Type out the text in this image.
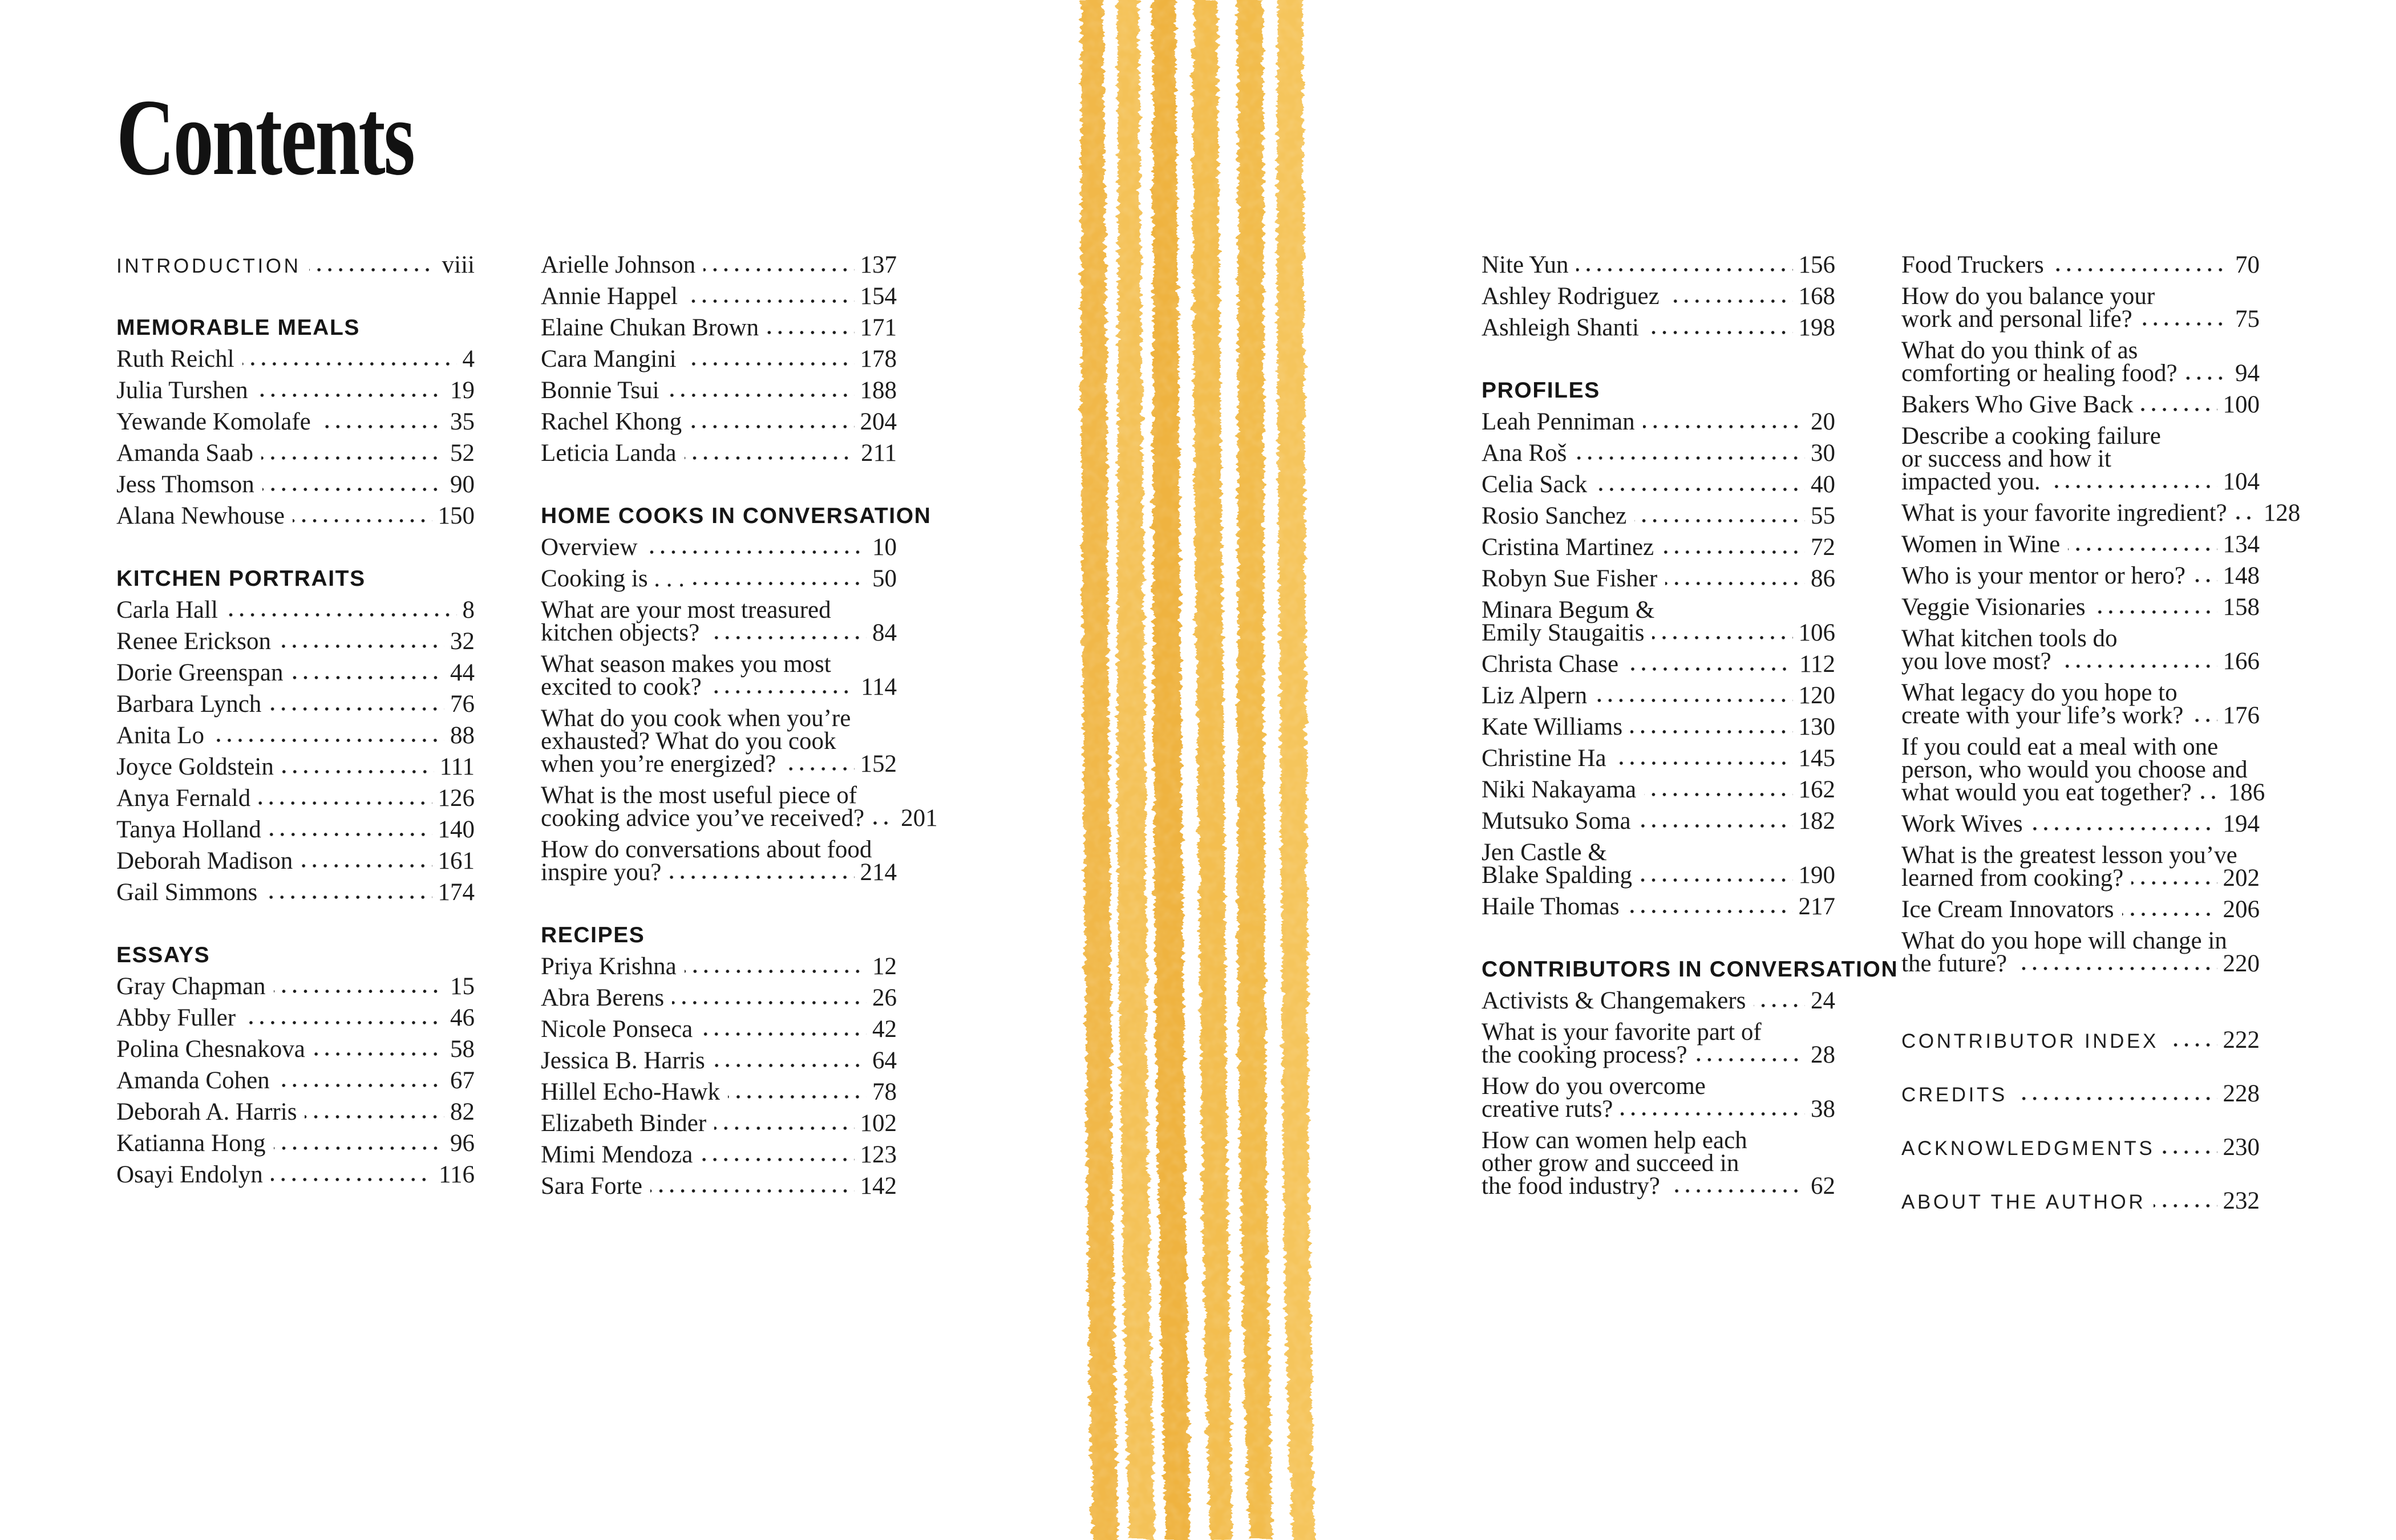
Contents
INTRODUCTION	viii
MEMORABLE MEALS
Ruth Reichl	4
Julia Turshen	19
Yewande Komolafe	35
Amanda Saab	52
Jess Thomson	90
Alana Newhouse	150
KITCHEN PORTRAITS
Carla Hall	8
Renee Erickson	32
Dorie Greenspan	44
Barbara Lynch	76
Anita Lo	88
Joyce Goldstein	111
Anya Fernald	126
Tanya Holland	140
Deborah Madison	161
Gail Simmons	174
ESSAYS
Gray Chapman	15
Abby Fuller	46
Polina Chesnakova	58
Amanda Cohen	67
Deborah A. Harris	82
Katianna Hong	96
Osayi Endolyn	116
Arielle Johnson	137
Annie Happel	154
Elaine Chukan Brown	171
Cara Mangini	178
Bonnie Tsui	188
Rachel Khong	204
Leticia Landa	211
HOME COOKS IN CONVERSATION
Overview	10
Cooking is . . .	50
What are your most treasured
kitchen objects?	84
What season makes you most
excited to cook?	114
What do you cook when you’re
exhausted? What do you cook
when you’re energized?	152
What is the most useful piece of
cooking advice you’ve received? 201
How do conversations about food
inspire you?	214
RECIPES
Priya Krishna	12
Abra Berens	26
Nicole Ponseca	42
Jessica B. Harris	64
Hillel Echo-Hawk	78
Elizabeth Binder	102
Mimi Mendoza	123
Sara Forte	142
Nite Yun	156
Ashley Rodriguez	168
Ashleigh Shanti	198
PROFILES
Leah Penniman	20
Ana Roš	30
Celia Sack	40
Rosio Sanchez	55
Cristina Martinez	72
Robyn Sue Fisher	86
Minara Begum &
Emily Staugaitis	106
Christa Chase	112
Liz Alpern	120
Kate Williams	130
Christine Ha	145
Niki Nakayama	162
Mutsuko Soma	182
Jen Castle &
Blake Spalding	190
Haile Thomas	217
CONTRIBUTORS IN CONVERSATION
Activists & Changemakers	24
What is your favorite part of
the cooking process?	28
How do you overcome
creative ruts?	38
How can women help each
other grow and succeed in
the food industry?	62
Food Truckers	70
How do you balance your
work and personal life?	75
What do you think of as
comforting or healing food? 94
Bakers Who Give Back	100
Describe a cooking failure
or success and how it
impacted you.	104
What is your favorite ingredient? 128
Women in Wine	134
Who is your mentor or hero? 148
Veggie Visionaries	158
What kitchen tools do
you love most?	166
What legacy do you hope to
create with your life’s work? 176
If you could eat a meal with one
person, who would you choose and
what would you eat together? 186
Work Wives	194
What is the greatest lesson you’ve
learned from cooking?	202
Ice Cream Innovators	206
What do you hope will change in
the future?	220
CONTRIBUTOR INDEX	222
CREDITS	228
ACKNOWLEDGMENTS	230
ABOUT THE AUTHOR	232
